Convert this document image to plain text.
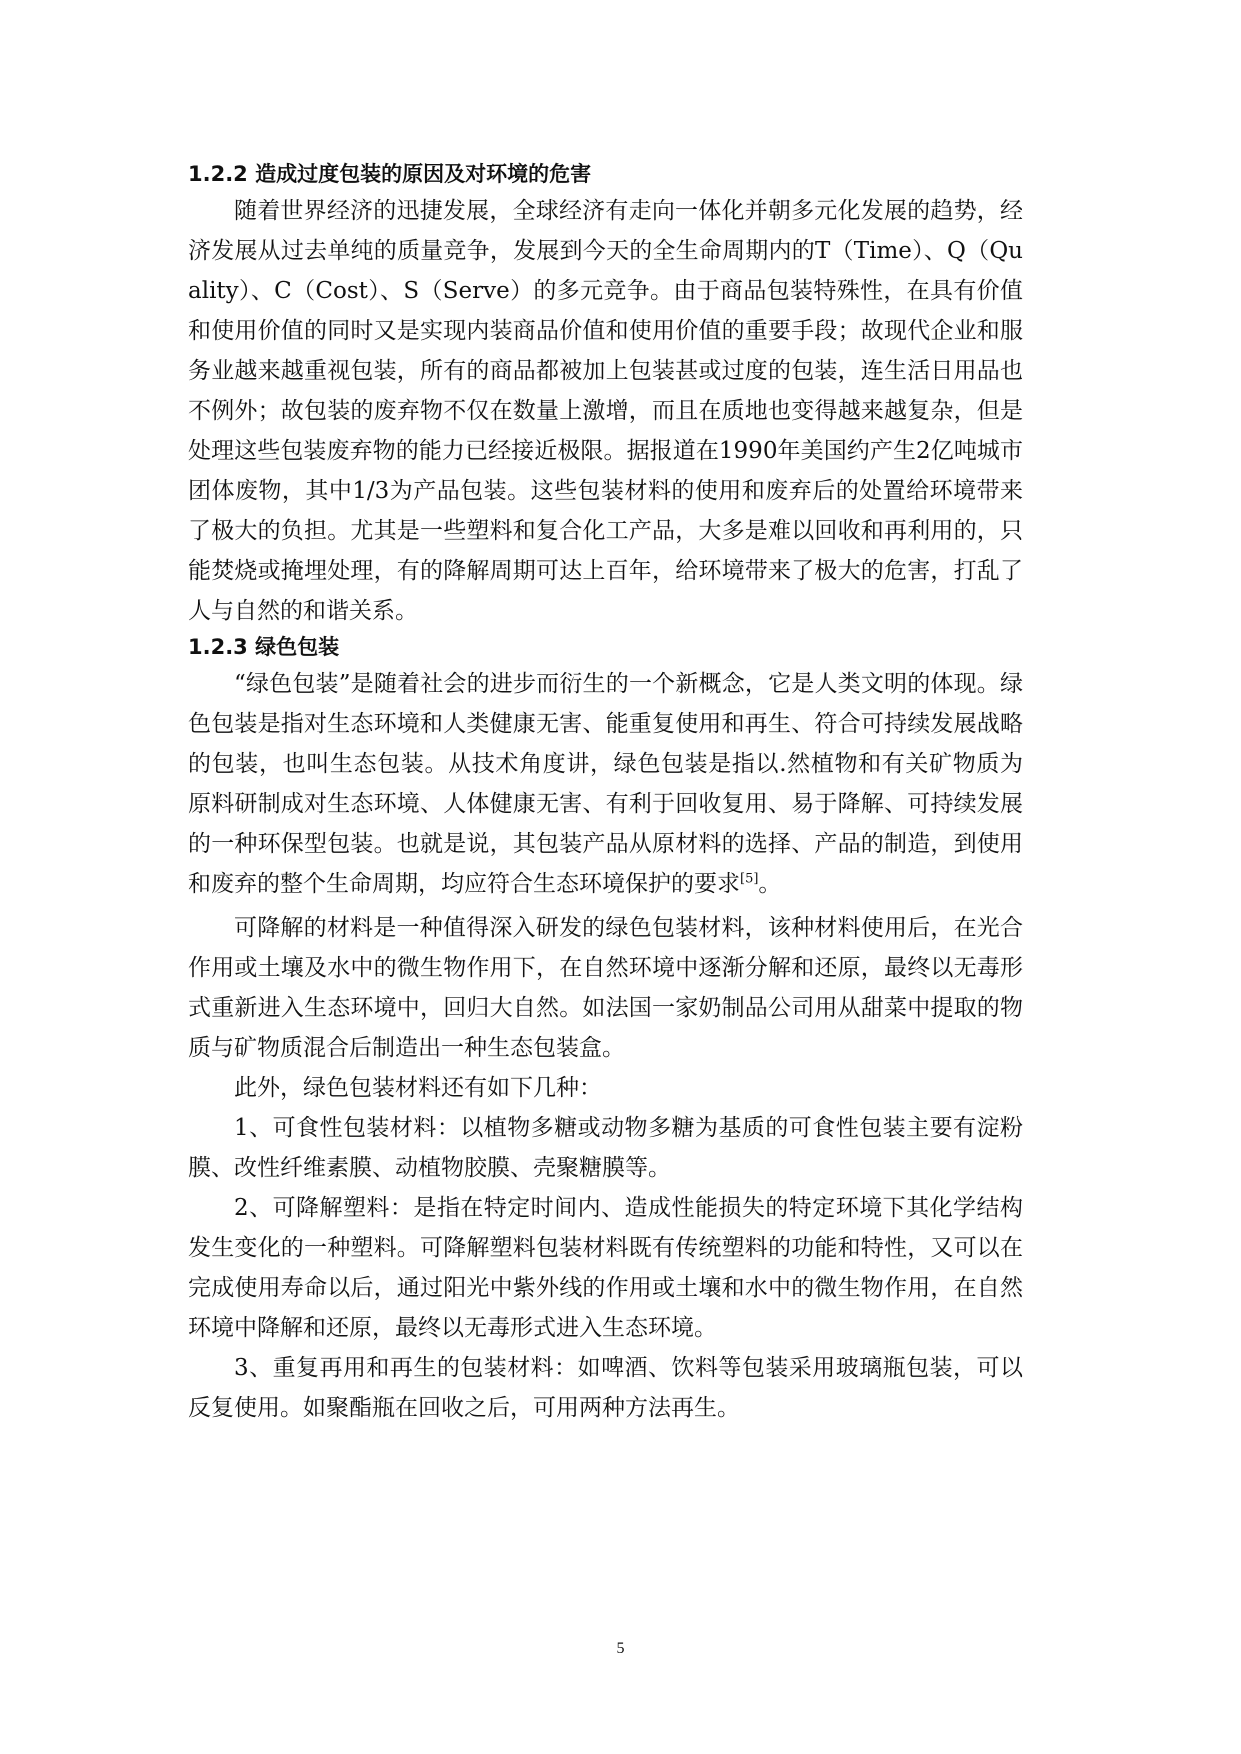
1.2.2 造成过度包装的原因及对环境的危害

随着世界经济的迅捷发展，全球经济有走向一体化并朝多元化发展的趋势，经济发展从过去单纯的质量竞争，发展到今天的全生命周期内的T（Time）、Q（Quality）、C（Cost）、S（Serve）的多元竞争。由于商品包装特殊性，在具有价值和使用价值的同时又是实现内装商品价值和使用价值的重要手段；故现代企业和服务业越来越重视包装，所有的商品都被加上包装甚或过度的包装，连生活日用品也不例外；故包装的废弃物不仅在数量上激增，而且在质地也变得越来越复杂，但是处理这些包装废弃物的能力已经接近极限。据报道在1990年美国约产生2亿吨城市团体废物，其中1/3为产品包装。这些包装材料的使用和废弃后的处置给环境带来了极大的负担。尤其是一些塑料和复合化工产品，大多是难以回收和再利用的，只能焚烧或掩埋处理，有的降解周期可达上百年，给环境带来了极大的危害，打乱了人与自然的和谐关系。

1.2.3 绿色包装

“绿色包装”是随着社会的进步而衍生的一个新概念，它是人类文明的体现。绿色包装是指对生态环境和人类健康无害、能重复使用和再生、符合可持续发展战略的包装，也叫生态包装。从技术角度讲，绿色包装是指以.然植物和有关矿物质为原料研制成对生态环境、人体健康无害、有利于回收复用、易于降解、可持续发展的一种环保型包装。也就是说，其包装产品从原材料的选择、产品的制造，到使用和废弃的整个生命周期，均应符合生态环境保护的要求[5]。

可降解的材料是一种值得深入研发的绿色包装材料，该种材料使用后，在光合作用或土壤及水中的微生物作用下，在自然环境中逐渐分解和还原，最终以无毒形式重新进入生态环境中，回归大自然。如法国一家奶制品公司用从甜菜中提取的物质与矿物质混合后制造出一种生态包装盒。

此外，绿色包装材料还有如下几种：

1、可食性包装材料：以植物多糖或动物多糖为基质的可食性包装主要有淀粉膜、改性纤维素膜、动植物胶膜、壳聚糖膜等。

2、可降解塑料：是指在特定时间内、造成性能损失的特定环境下其化学结构发生变化的一种塑料。可降解塑料包装材料既有传统塑料的功能和特性，又可以在完成使用寿命以后，通过阳光中紫外线的作用或土壤和水中的微生物作用，在自然环境中降解和还原，最终以无毒形式进入生态环境。

3、重复再用和再生的包装材料：如啤酒、饮料等包装采用玻璃瓶包装，可以反复使用。如聚酯瓶在回收之后，可用两种方法再生。

5
